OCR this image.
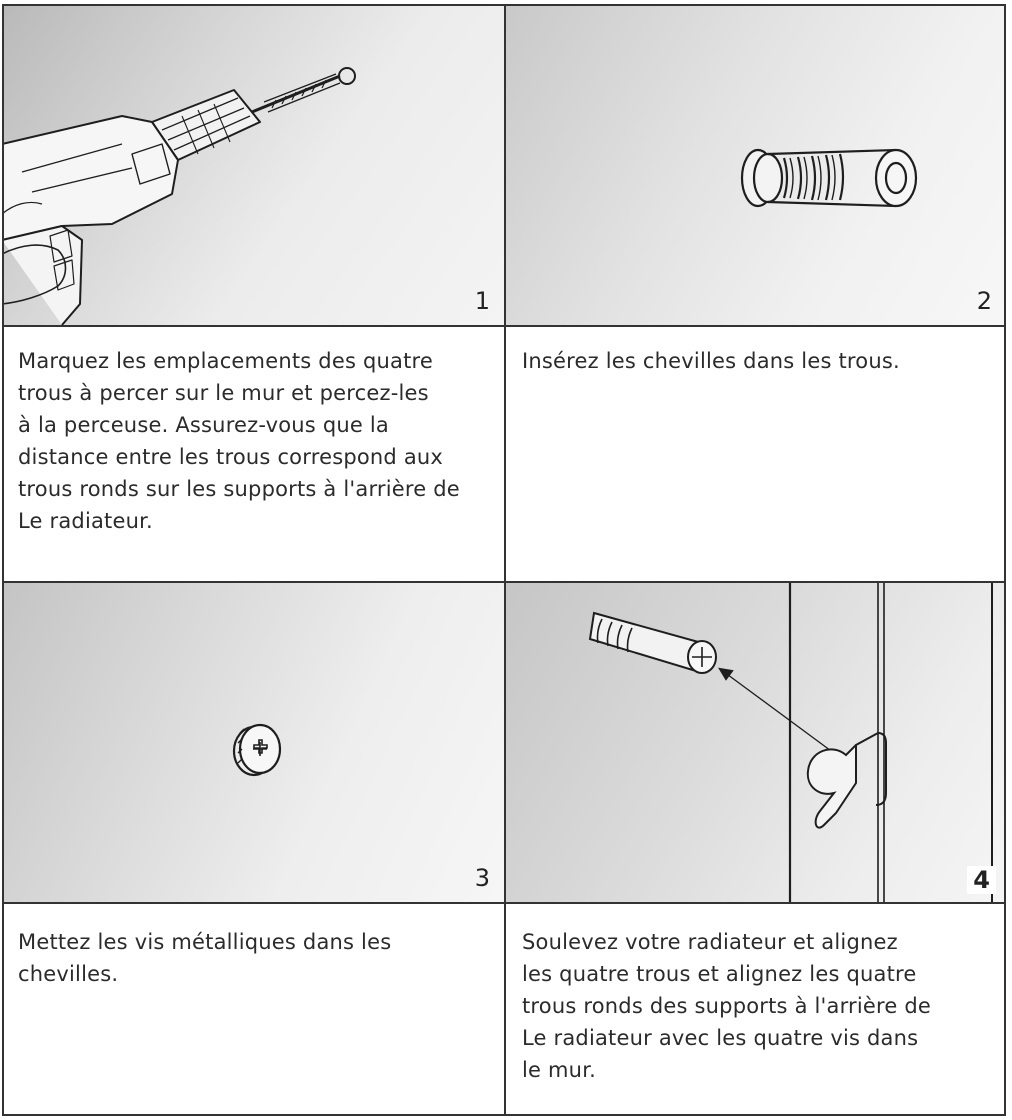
1	2
Marquez les emplacements des quatre
trous à percer sur le mur et percez-les
à la perceuse. Assurez-vous que la
distance entre les trous correspond aux
trous ronds sur les supports à l'arrière de
Le radiateur.
Insérez les chevilles dans les trous.
3	4
Mettez les vis métalliques dans les
chevilles.
Soulevez votre radiateur et alignez
les quatre trous et alignez les quatre
trous ronds des supports à l'arrière de
Le radiateur avec les quatre vis dans
le mur.
